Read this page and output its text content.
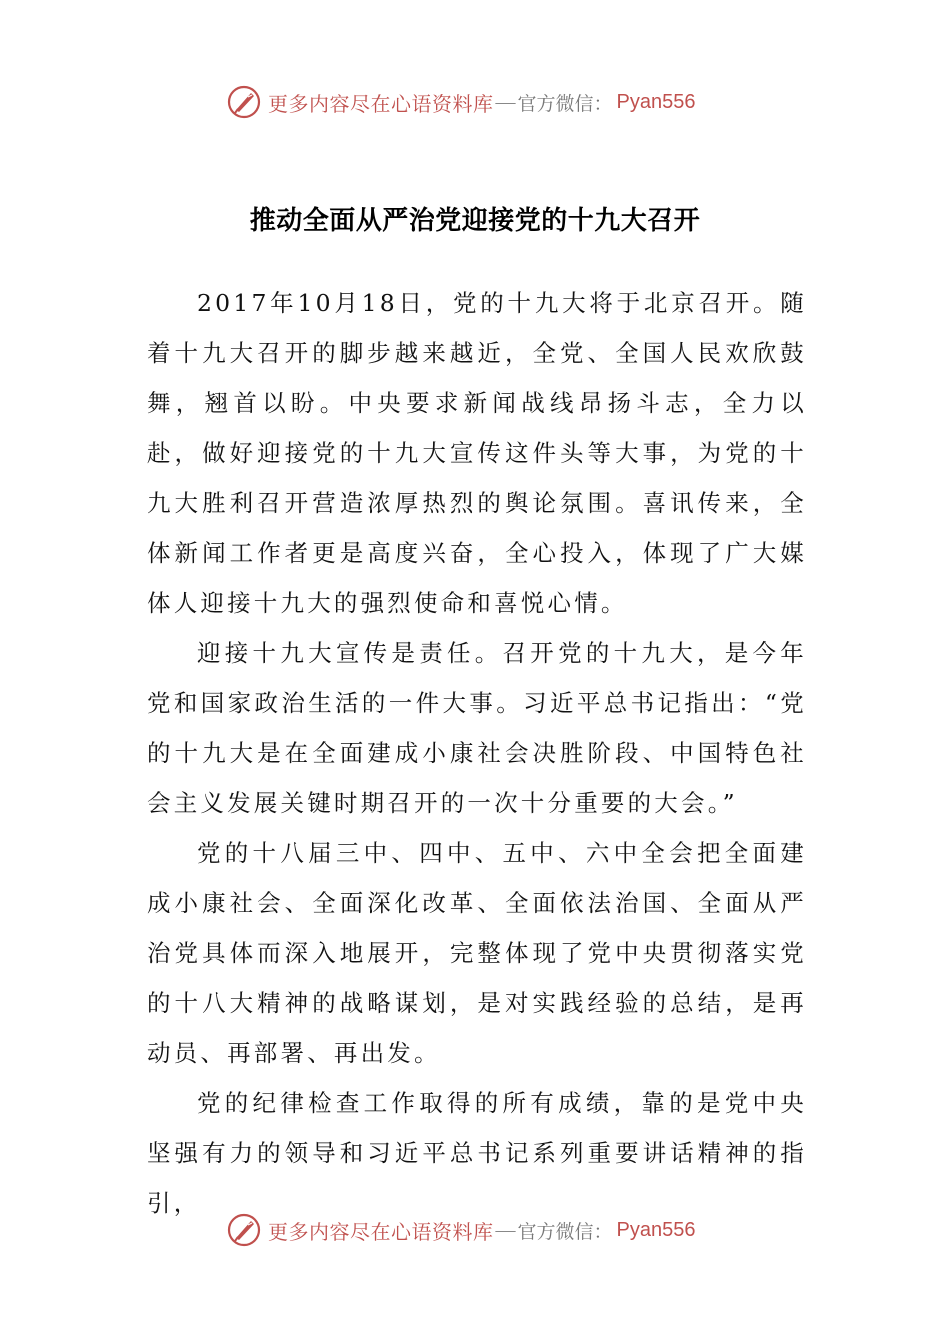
更多内容尽在心语资料库 — 官方微信： Pyan556
推动全面从严治党迎接党的十九大召开

2017年10月18日，党的十九大将于北京召开。随着十九大召开的脚步越来越近，全党、全国人民欢欣鼓舞，翘首以盼。中央要求新闻战线昂扬斗志，全力以赴，做好迎接党的十九大宣传这件头等大事，为党的十九大胜利召开营造浓厚热烈的舆论氛围。喜讯传来，全体新闻工作者更是高度兴奋，全心投入，体现了广大媒体人迎接十九大的强烈使命和喜悦心情。

迎接十九大宣传是责任。召开党的十九大，是今年党和国家政治生活的一件大事。习近平总书记指出：“党的十九大是在全面建成小康社会决胜阶段、中国特色社会主义发展关键时期召开的一次十分重要的大会。”

党的十八届三中、四中、五中、六中全会把全面建成小康社会、全面深化改革、全面依法治国、全面从严治党具体而深入地展开，完整体现了党中央贯彻落实党的十八大精神的战略谋划，是对实践经验的总结，是再动员、再部署、再出发。

党的纪律检查工作取得的所有成绩，靠的是党中央坚强有力的领导和习近平总书记系列重要讲话精神的指引，

更多内容尽在心语资料库 — 官方微信： Pyan556
